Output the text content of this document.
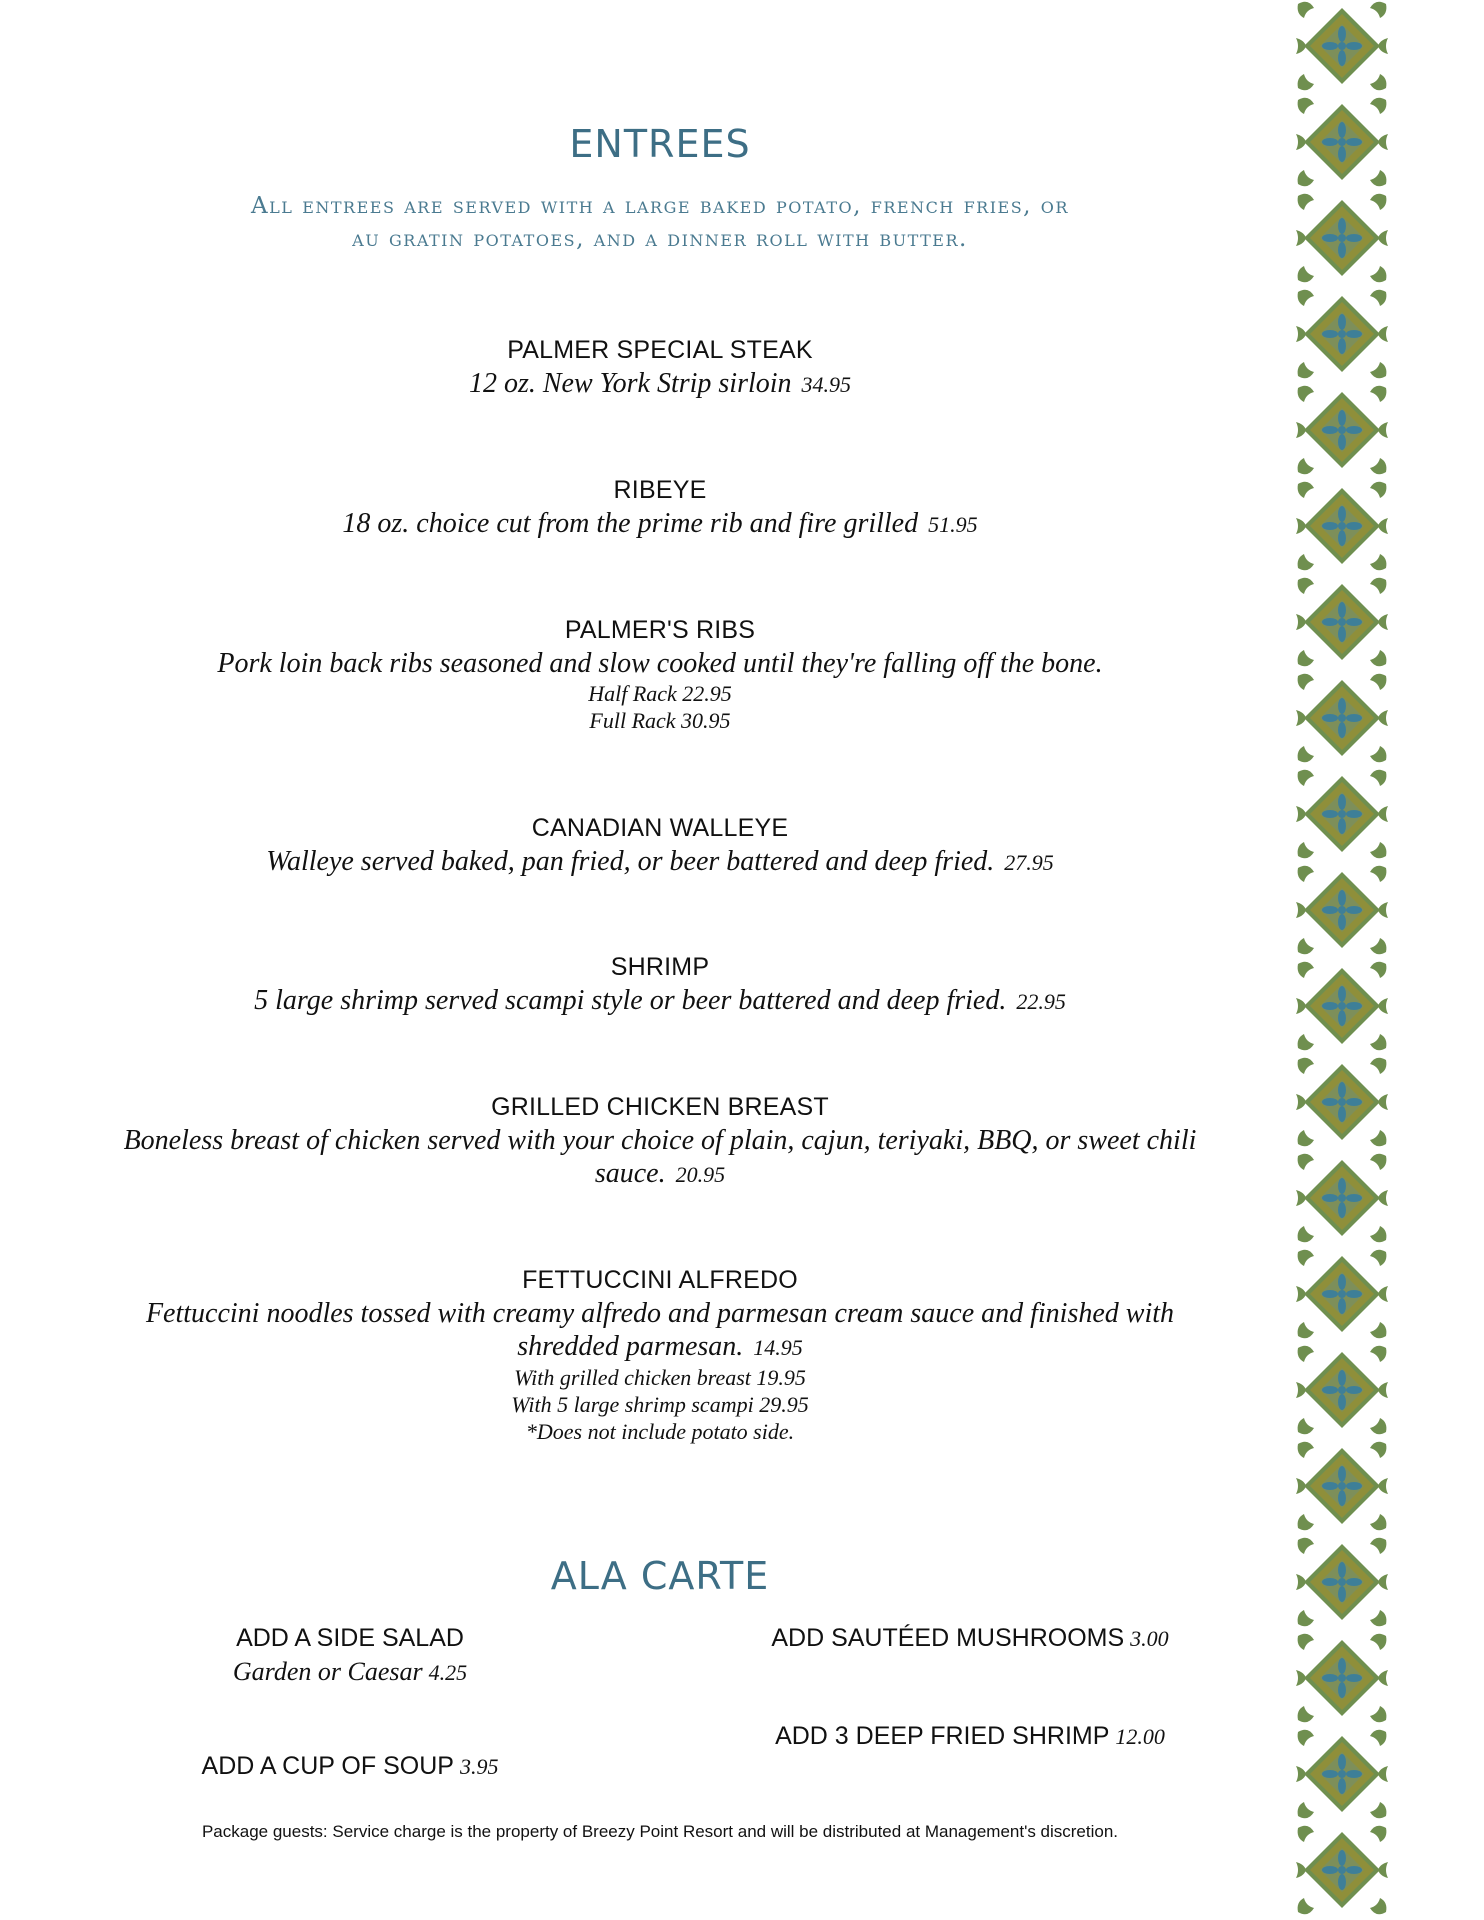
ENTREES
All entrees are served with a large baked potato, french fries, or
au gratin potatoes, and a dinner roll with butter.
PALMER SPECIAL STEAK
12 oz. New York Strip sirloin 34.95
RIBEYE
18 oz. choice cut from the prime rib and fire grilled 51.95
PALMER'S RIBS
Pork loin back ribs seasoned and slow cooked until they're falling off the bone.
Half Rack 22.95
Full Rack 30.95
CANADIAN WALLEYE
Walleye served baked, pan fried, or beer battered and deep fried. 27.95
SHRIMP
5 large shrimp served scampi style or beer battered and deep fried. 22.95
GRILLED CHICKEN BREAST
Boneless breast of chicken served with your choice of plain, cajun, teriyaki, BBQ, or sweet chili
sauce. 20.95
FETTUCCINI ALFREDO
Fettuccini noodles tossed with creamy alfredo and parmesan cream sauce and finished with
shredded parmesan. 14.95
With grilled chicken breast 19.95
With 5 large shrimp scampi 29.95
*Does not include potato side.
ALA CARTE
ADD A SIDE SALAD
Garden or Caesar 4.25
ADD SAUTÉED MUSHROOMS 3.00
ADD 3 DEEP FRIED SHRIMP 12.00
ADD A CUP OF SOUP 3.95
Package guests: Service charge is the property of Breezy Point Resort and will be distributed at Management's discretion.
